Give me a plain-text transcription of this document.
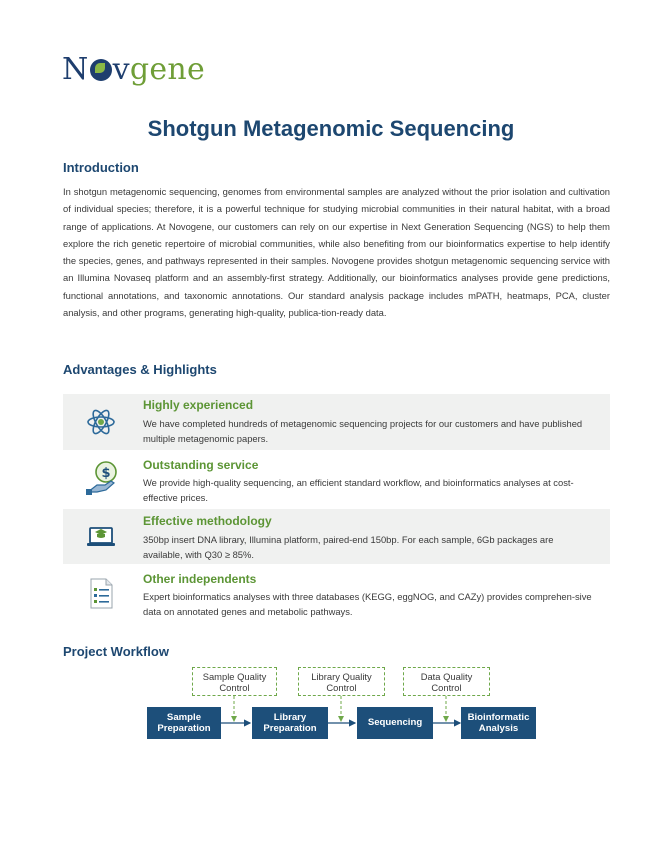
N vgene
Shotgun Metagenomic Sequencing
Introduction
In shotgun metagenomic sequencing, genomes from environmental samples are analyzed without the prior isolation and cultivation of individual species; therefore, it is a powerful technique for studying microbial communities in their natural habitat, with a broad range of applications. At Novogene, our customers can rely on our expertise in Next Generation Sequencing (NGS) to help them explore the rich genetic repertoire of microbial communities, while also benefiting from our bioinformatics expertise to help identify the species, genes, and pathways represented in their samples. Novogene provides shotgun metagenomic sequencing service with an Illumina Novaseq platform and an assembly-first strategy. Additionally, our bioinformatics analyses provide gene predictions, functional annotations, and taxonomic annotations. Our standard analysis package includes mPATH, heatmaps, PCA, cluster analysis, and other programs, generating high-quality, publica-tion-ready data.
Advantages & Highlights
Highly experienced
We have completed hundreds of metagenomic sequencing projects for our customers and have published multiple metagenomic papers.
$
Outstanding service
We provide high-quality sequencing, an efficient standard workflow, and bioinformatics analyses at cost-effective prices.
Effective methodology
350bp insert DNA library, Illumina platform, paired-end 150bp. For each sample, 6Gb packages are available, with Q30 ≥ 85%.
Other independents
Expert bioinformatics analyses with three databases (KEGG, eggNOG, and CAZy) provides comprehen-sive data on annotated genes and metabolic pathways.
Project Workflow
Sample Quality
Control
Library Quality
Control
Data Quality
Control
Sample
Preparation
Library
Preparation
Sequencing
Bioinformatic
Analysis
